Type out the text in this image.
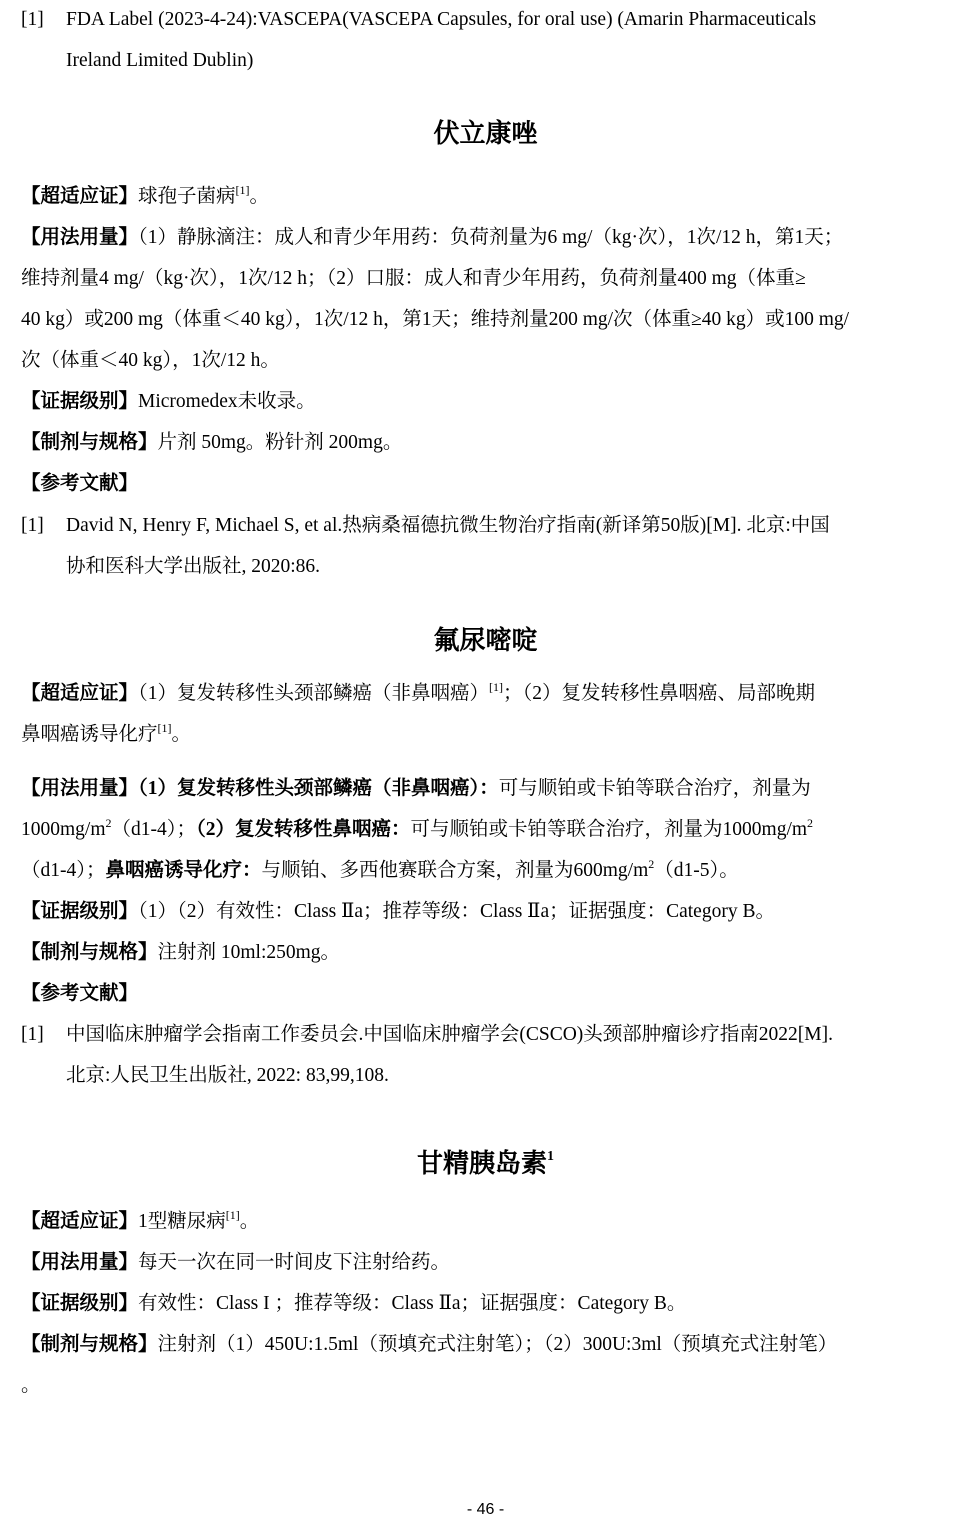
[1] FDA Label (2023-4-24):VASCEPA(VASCEPA Capsules, for oral use) (Amarin Pharmaceuticals
Ireland Limited Dublin)
伏立康唑
【超适应证】球孢子菌病[1]。
【用法用量】（1）静脉滴注：成人和青少年用药：负荷剂量为6 mg/（kg·次），1次/12 h，第1天；
维持剂量4 mg/（kg·次），1次/12 h；（2）口服：成人和青少年用药，负荷剂量400 mg（体重≥
40 kg）或200 mg（体重＜40 kg），1次/12 h，第1天；维持剂量200 mg/次（体重≥40 kg）或100 mg/
次（体重＜40 kg），1次/12 h。
【证据级别】Micromedex未收录。
【制剂与规格】片剂 50mg。粉针剂 200mg。
【参考文献】
[1] David N, Henry F, Michael S, et al.热病桑福德抗微生物治疗指南(新译第50版)[M]. 北京:中国
协和医科大学出版社, 2020:86.
氟尿嘧啶
【超适应证】（1）复发转移性头颈部鳞癌（非鼻咽癌）[1]；（2）复发转移性鼻咽癌、局部晚期
鼻咽癌诱导化疗[1]。
【用法用量】（1）复发转移性头颈部鳞癌（非鼻咽癌）：可与顺铂或卡铂等联合治疗，剂量为
$1000mg/m^2(d1-4)$；（2）复发转移性鼻咽癌：可与顺铂或卡铂等联合治疗，剂量为$1000mg/m^2$
（d1-4）；鼻咽癌诱导化疗：与顺铂、多西他赛联合方案，剂量为$600mg/m^2(d1-5)$。
【证据级别】（1）（2）有效性：Class Ⅱa；推荐等级：Class Ⅱa；证据强度：Category B。
【制剂与规格】注射剂 10ml:250mg。
【参考文献】
[1] 中国临床肿瘤学会指南工作委员会.中国临床肿瘤学会(CSCO)头颈部肿瘤诊疗指南2022[M].
北京:人民卫生出版社, 2022: 83,99,108.
甘精胰岛素$^1$
【超适应证】1型糖尿病[1]。
【用法用量】每天一次在同一时间皮下注射给药。
【证据级别】有效性：Class I ；推荐等级：Class Ⅱa；证据强度：Category B。
【制剂与规格】注射剂（1）450U:1.5ml（预填充式注射笔）；（2）300U:3ml（预填充式注射笔）
。
- 46 -
